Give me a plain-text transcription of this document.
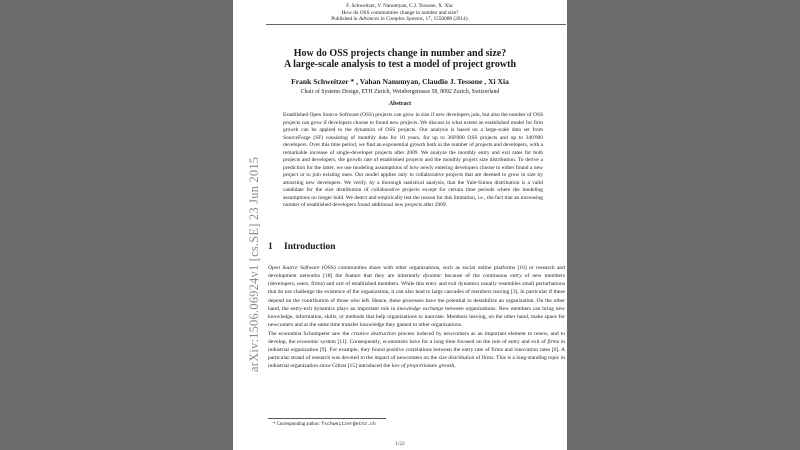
arXiv:1506.06924v1 [cs.SE] 23 Jun 2015
F. Schweitzer, V. Nanumyan, C.J. Tessone, X. Xia:
How do OSS communities change in number and size?
Published in Advances in Complex Systems, 17, 1550008 (2014).
How do OSS projects change in number and size?
A large-scale analysis to test a model of project growth
Frank Schweitzer * , Vahan Nanumyan, Claudio J. Tessone , Xi Xia
Chair of Systems Design, ETH Zurich, Weinbergstrasse 58, 8092 Zurich, Switzerland
Abstract

Established Open Source Software (OSS) projects can grow in size if new developers join, but also the number of OSS projects can grow if developers choose to found new projects. We discuss to what extent an established model for firm growth can be applied to the dynamics of OSS projects. Our analysis is based on a large-scale data set from SourceForge (SF) consisting of monthly data for 10 years, for up to 360'000 OSS projects and up to 340'000 developers. Over this time period, we find an exponential growth both in the number of projects and developers, with a remarkable increase of single-developer projects after 2009. We analyze the monthly entry and exit rates for both projects and developers, the growth rate of established projects and the monthly project size distribution. To derive a prediction for the latter, we use modeling assumptions of how newly entering developers choose to either found a new project or to join existing ones. Our model applies only to collaborative projects that are deemed to grow in size by attracting new developers. We verify, by a thorough statistical analysis, that the Yule-Simon distribution is a valid candidate for the size distribution of collaborative projects except for certain time periods where the modeling assumptions no longer hold. We detect and empirically test the reason for this limitation, i.e., the fact that an increasing number of established developers found additional new projects after 2009.

1 Introduction

Open Source Software (OSS) communities share with other organizations, such as social online platforms [16] or research and development networks [18] the feature that they are inherently dynamic because of the continuous entry of new members (developers, users, firms) and exit of established members. While this entry and exit dynamics usually resembles small perturbations that do not challenge the existence of the organization, it can also lead to large cascades of members leaving [3], in particular if these depend on the contribution of those who left. Hence, these processes have the potential to destabilize an organization. On the other hand, the entry-exit dynamics plays an important role in knowledge exchange between organizations. New members can bring new knowledge, information, skills, or methods that help organizations to innovate. Members leaving, on the other hand, make space for newcomers and at the same time transfer knowledge they gained to other organizations.

The economist Schumpeter saw the creative destruction process induced by newcomers as an important element to renew, and to develop, the economic system [11]. Consequently, economists have for a long time focused on the role of entry and exit of firms in industrial organization [9]. For example, they found positive correlations between the entry rate of firms and innovation rates [6]. A particular strand of research was devoted to the impact of newcomers on the size distribution of firms. This is a long-standing topic in industrial organization since Gibrat [15] introduced the law of proportionate growth,

* Corresponding author: fschweitzer@ethz.ch
1/22
